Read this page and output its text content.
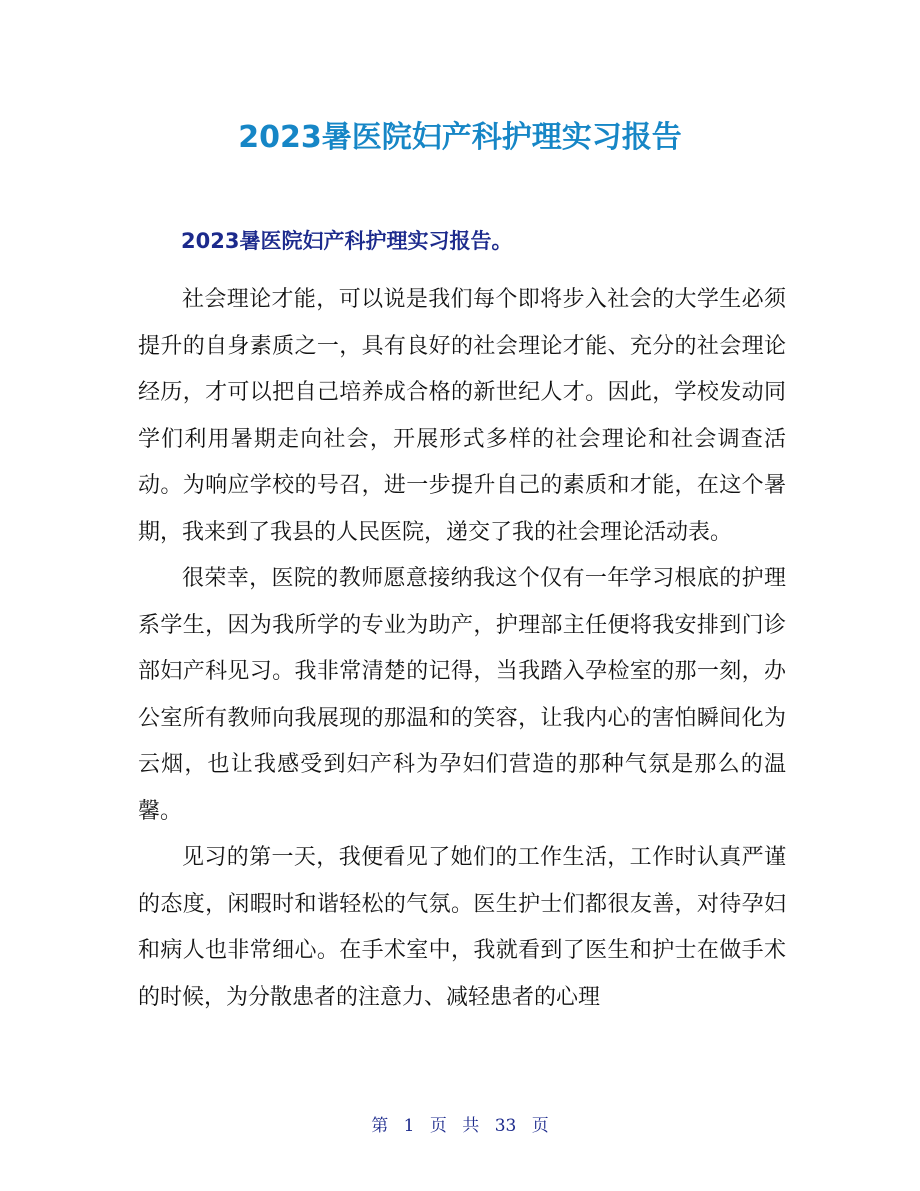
2023暑医院妇产科护理实习报告
2023暑医院妇产科护理实习报告。

社会理论才能，可以说是我们每个即将步入社会的大学生必须提升的自身素质之一，具有良好的社会理论才能、充分的社会理论经历，才可以把自己培养成合格的新世纪人才。因此，学校发动同学们利用暑期走向社会，开展形式多样的社会理论和社会调查活动。为响应学校的号召，进一步提升自己的素质和才能，在这个暑期，我来到了我县的人民医院，递交了我的社会理论活动表。

很荣幸，医院的教师愿意接纳我这个仅有一年学习根底的护理系学生，因为我所学的专业为助产，护理部主任便将我安排到门诊部妇产科见习。我非常清楚的记得，当我踏入孕检室的那一刻，办公室所有教师向我展现的那温和的笑容，让我内心的害怕瞬间化为云烟，也让我感受到妇产科为孕妇们营造的那种气氛是那么的温馨。

见习的第一天，我便看见了她们的工作生活，工作时认真严谨的态度，闲暇时和谐轻松的气氛。医生护士们都很友善，对待孕妇和病人也非常细心。在手术室中，我就看到了医生和护士在做手术的时候，为分散患者的注意力、减轻患者的心理

第 1 页 共 33 页
